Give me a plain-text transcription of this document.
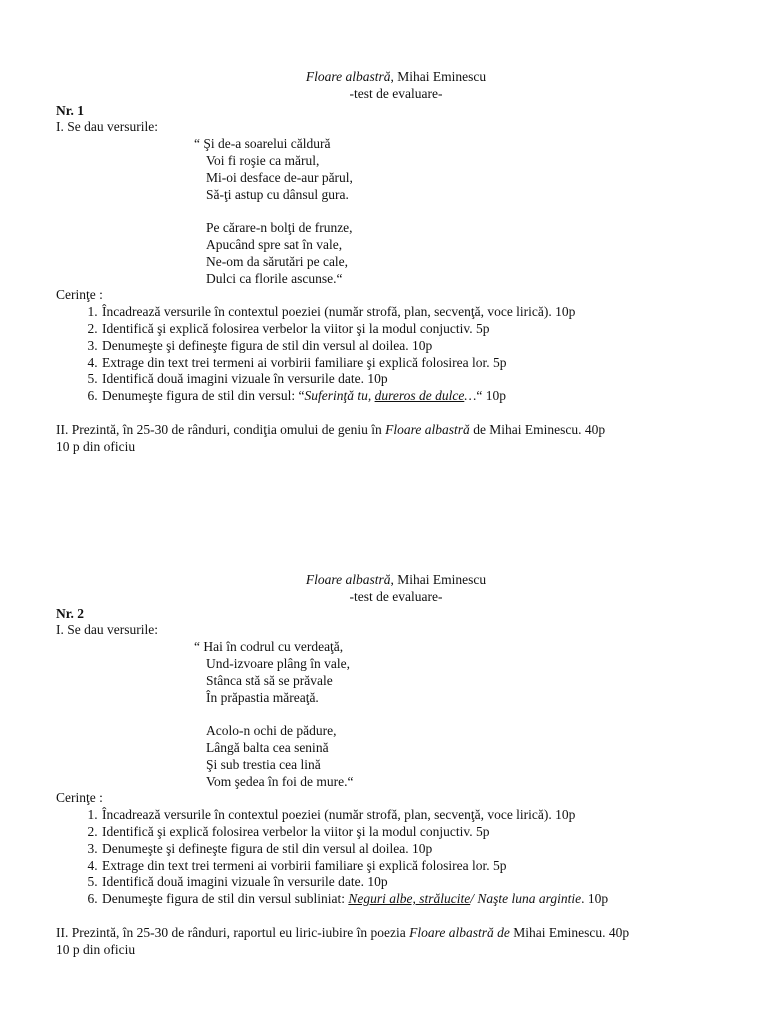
Floare albastră, Mihai Eminescu
-test de evaluare-
Nr. 1
I. Se dau versurile:
“ Şi de-a soarelui căldură
Voi fi roşie ca mărul,
Mi-oi desface de-aur părul,
Să-ţi astup cu dânsul gura.
Pe cărare-n bolţi de frunze,
Apucând spre sat în vale,
Ne-om da sărutări pe cale,
Dulci ca florile ascunse.“
Cerinţe :
1. Încadrează versurile în contextul poeziei (număr strofă, plan, secvenţă, voce lirică). 10p
2. Identifică şi explică folosirea verbelor la viitor şi la modul conjuctiv. 5p
3. Denumeşte şi defineşte figura de stil din versul al doilea. 10p
4. Extrage din text trei termeni ai vorbirii familiare şi explică folosirea lor. 5p
5. Identifică două imagini vizuale în versurile date. 10p
6. Denumeşte figura de stil din versul: “Suferinţă tu, dureros de dulce…“ 10p
II. Prezintă, în 25-30 de rânduri, condiţia omului de geniu în Floare albastră de Mihai Eminescu. 40p
10 p din oficiu
Floare albastră, Mihai Eminescu
-test de evaluare-
Nr. 2
I. Se dau versurile:
“ Hai în codrul cu verdeaţă,
Und-izvoare plâng în vale,
Stânca stă să se prăvale
În prăpastia măreaţă.
Acolo-n ochi de pădure,
Lângă balta cea senină
Şi sub trestia cea lină
Vom şedea în foi de mure.“
Cerinţe :
1. Încadrează versurile în contextul poeziei (număr strofă, plan, secvenţă, voce lirică). 10p
2. Identifică şi explică folosirea verbelor la viitor şi la modul conjuctiv. 5p
3. Denumeşte şi defineşte figura de stil din versul al doilea. 10p
4. Extrage din text trei termeni ai vorbirii familiare şi explică folosirea lor. 5p
5. Identifică două imagini vizuale în versurile date. 10p
6. Denumeşte figura de stil din versul subliniat: Neguri albe, strălucite/ Naşte luna argintie. 10p
II. Prezintă, în 25-30 de rânduri, raportul eu liric-iubire în poezia Floare albastră de Mihai Eminescu. 40p
10 p din oficiu
